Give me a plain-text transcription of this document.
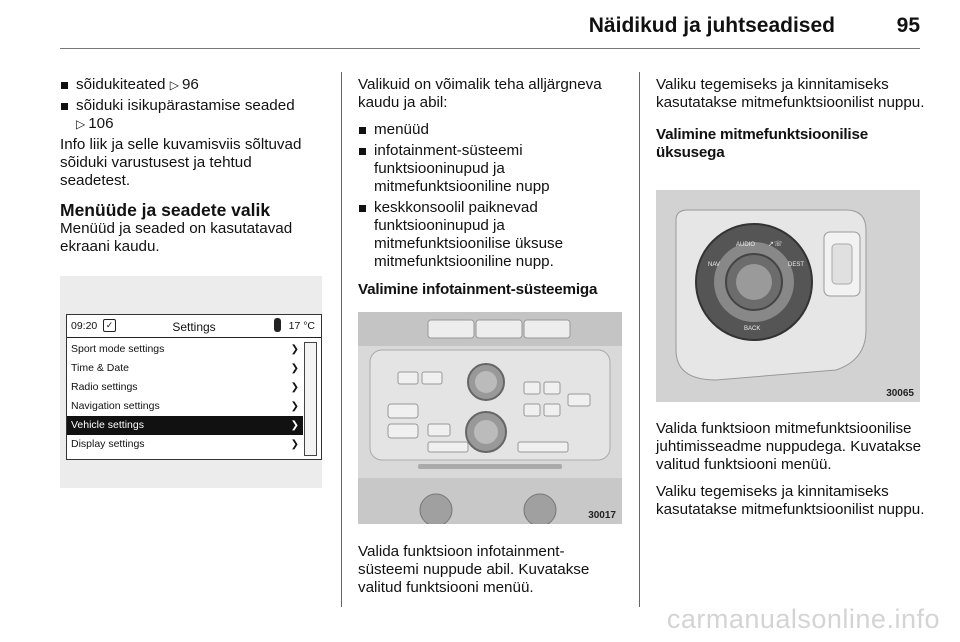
Näidikud ja juhtseadised	95
sõidukiteated ▷ 96
sõiduki isikupärastamise seaded
▷ 106

Info liik ja selle kuvamisviis sõltuvad sõiduki varustusest ja tehtud seadetest.

Menüüde ja seadete valik

Menüüd ja seaded on kasutatavad ekraani kaudu.

09:20 ✓	Settings	17 °C
Sport mode settings	❯
Time & Date	❯
Radio settings	❯
Navigation settings	❯
Vehicle settings	❯
Display settings	❯

Valikuid on võimalik teha alljärgneva kaudu ja abil:

menüüd
infotainment-süsteemi funktsiooninupud ja mitmefunktsiooniline nupp
keskkonsoolil paiknevad funktsiooninupud ja mitmefunktsioonilise üksuse mitmefunktsiooniline nupp.
Valimine infotainment-süsteemiga
30017

Valida funktsioon infotainment-süsteemi nuppude abil. Kuvatakse valitud funktsiooni menüü.

Valiku tegemiseks ja kinnitamiseks kasutatakse mitmefunktsioonilist nuppu.

Valimine mitmefunktsioonilise üksusega
AUDIO ↗☏
NAV	DEST
BACK
30065

Valida funktsioon mitmefunktsioonilise juhtimisseadme nuppudega. Kuvatakse valitud funktsiooni menüü.

Valiku tegemiseks ja kinnitamiseks kasutatakse mitmefunktsioonilist nuppu.

carmanualsonline.info
